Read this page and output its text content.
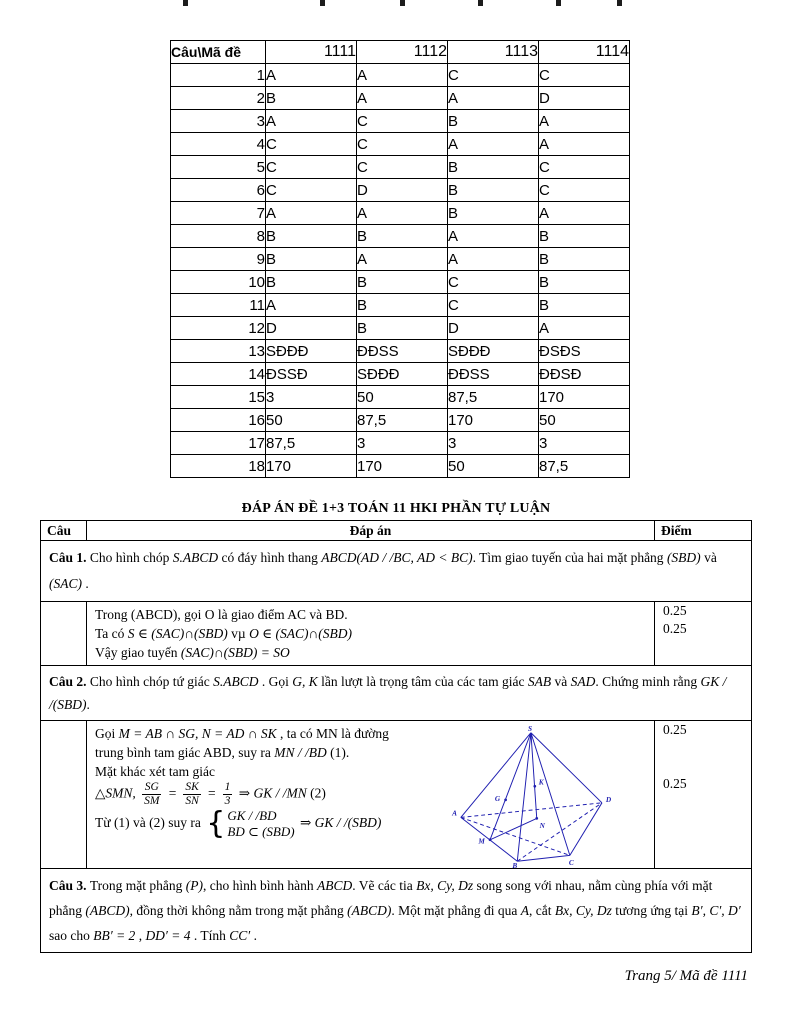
Câu\Mã đề	1111	1112	1113	1114
1	A	A	C	C
2	B	A	A	D
3	A	C	B	A
4	C	C	A	A
5	C	C	B	C
6	C	D	B	C
7	A	A	B	A
8	B	B	A	B
9	B	A	A	B
10	B	B	C	B
11	A	B	C	B
12	D	B	D	A
13	SĐĐĐ	ĐĐSS	SĐĐĐ	ĐSĐS
14	ĐSSĐ	SĐĐĐ	ĐĐSS	ĐĐSĐ
15	3	50	87,5	170
16	50	87,5	170	50
17	87,5	3	3	3
18	170	170	50	87,5
ĐÁP ÁN ĐỀ 1+3 TOÁN 11 HKI PHẦN TỰ LUẬN
Câu	Đáp án	Điểm
Câu 1. Cho hình chóp S.ABCD có đáy hình thang ABCD(AD / /BC, AD < BC). Tìm giao tuyến của hai mặt phẳng (SBD) và (SAC) .		

Trong (ABCD), gọi O là giao điểm AC và BD.
Ta có S ∈ (SAC)∩(SBD) vµ O ∈ (SAC)∩(SBD)
Vậy giao tuyến (SAC)∩(SBD) = SO

0.25
0.25

Câu 2. Cho hình chóp tứ giác S.ABCD . Gọi G, K lần lượt là trọng tâm của các tam giác SAB và SAD. Chứng minh rằng GK / /(SBD).		

Gọi M = AB ∩ SG, N = AD ∩ SK , ta có MN là đường
trung bình tam giác ABD, suy ra MN / /BD (1).
Mặt khác xét tam giác
△SMN, $\frac{SG}{SM} = \frac{SK}{SN} = \frac{1}{3}$ ⇒ GK / /MN (2)
Từ (1) và (2) suy ra { GK / /BD
BD ⊂ (SBD)
⇒ GK / /(SBD)
S
A
B	C
D
M
N
G
K

0.25
0.25

Câu 3. Trong mặt phẳng (P), cho hình bình hành ABCD. Vẽ các tia Bx, Cy, Dz song song với nhau, nằm cùng phía với mặt phẳng (ABCD), đồng thời không nằm trong mặt phẳng (ABCD). Một mặt phẳng đi qua A, cắt Bx, Cy, Dz tương ứng tại B′, C′, D′ sao cho BB′ = 2 , DD′ = 4 . Tính CC′ .		
Trang 5/ Mã đề 1111
